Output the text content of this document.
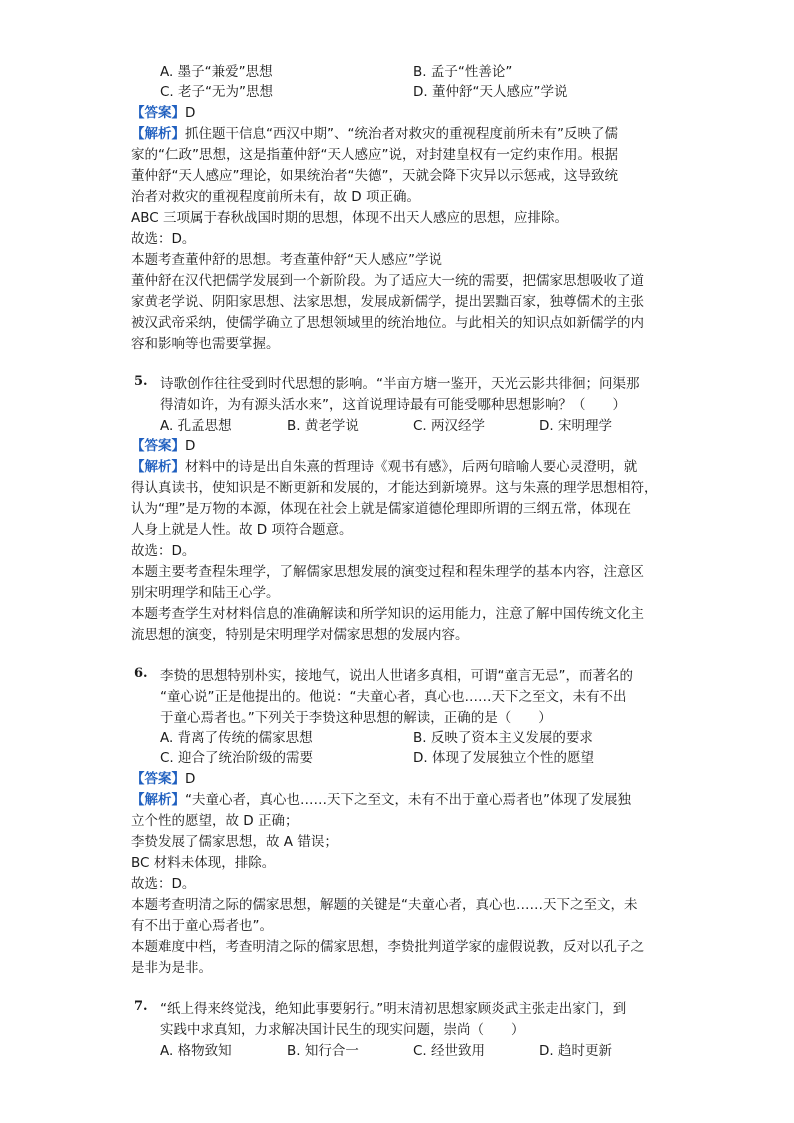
A. 墨子“兼爱”思想	B. 孟子“性善论”
C. 老子“无为”思想	D. 董仲舒“天人感应”学说
【答案】D
【解析】抓住题干信息“西汉中期”、“统治者对救灾的重视程度前所未有”反映了儒
家的“仁政”思想，这是指董仲舒“天人感应”说，对封建皇权有一定约束作用。根据
董仲舒“天人感应”理论，如果统治者“失德”，天就会降下灾异以示惩戒，这导致统
治者对救灾的重视程度前所未有，故 D 项正确。
ABC 三项属于春秋战国时期的思想，体现不出天人感应的思想，应排除。
故选：D。
本题考查董仲舒的思想。考查董仲舒“天人感应”学说
董仲舒在汉代把儒学发展到一个新阶段。为了适应大一统的需要，把儒家思想吸收了道
家黄老学说、阴阳家思想、法家思想，发展成新儒学，提出罢黜百家，独尊儒术的主张
被汉武帝采纳，使儒学确立了思想领域里的统治地位。与此相关的知识点如新儒学的内
容和影响等也需要掌握。
5. 诗歌创作往往受到时代思想的影响。“半亩方塘一鉴开，天光云影共徘徊；问渠那
得清如许，为有源头活水来”，这首说理诗最有可能受哪种思想影响？（　　）
A. 孔孟思想	B. 黄老学说	C. 两汉经学	D. 宋明理学
【答案】D
【解析】材料中的诗是出自朱熹的哲理诗《观书有感》，后两句暗喻人要心灵澄明，就
得认真读书，使知识是不断更新和发展的，才能达到新境界。这与朱熹的理学思想相符，
认为“理”是万物的本源，体现在社会上就是儒家道德伦理即所谓的三纲五常，体现在
人身上就是人性。故 D 项符合题意。
故选：D。
本题主要考查程朱理学，了解儒家思想发展的演变过程和程朱理学的基本内容，注意区
别宋明理学和陆王心学。
本题考查学生对材料信息的准确解读和所学知识的运用能力，注意了解中国传统文化主
流思想的演变，特别是宋明理学对儒家思想的发展内容。
6. 李贽的思想特别朴实，接地气，说出人世诸多真相，可谓“童言无忌”，而著名的
“童心说”正是他提出的。他说：“夫童心者，真心也……天下之至文，未有不出
于童心焉者也。”下列关于李贽这种思想的解读，正确的是（　　）
A. 背离了传统的儒家思想	B. 反映了资本主义发展的要求
C. 迎合了统治阶级的需要	D. 体现了发展独立个性的愿望
【答案】D
【解析】“夫童心者，真心也……天下之至文，未有不出于童心焉者也”体现了发展独
立个性的愿望，故 D 正确；
李贽发展了儒家思想，故 A 错误；
BC 材料未体现，排除。
故选：D。
本题考查明清之际的儒家思想，解题的关键是“夫童心者，真心也……天下之至文，未
有不出于童心焉者也”。
本题难度中档，考查明清之际的儒家思想，李贽批判道学家的虚假说教，反对以孔子之
是非为是非。
7. “纸上得来终觉浅，绝知此事要躬行。”明末清初思想家顾炎武主张走出家门，到
实践中求真知，力求解决国计民生的现实问题，崇尚（　　）
A. 格物致知	B. 知行合一	C. 经世致用	D. 趋时更新
